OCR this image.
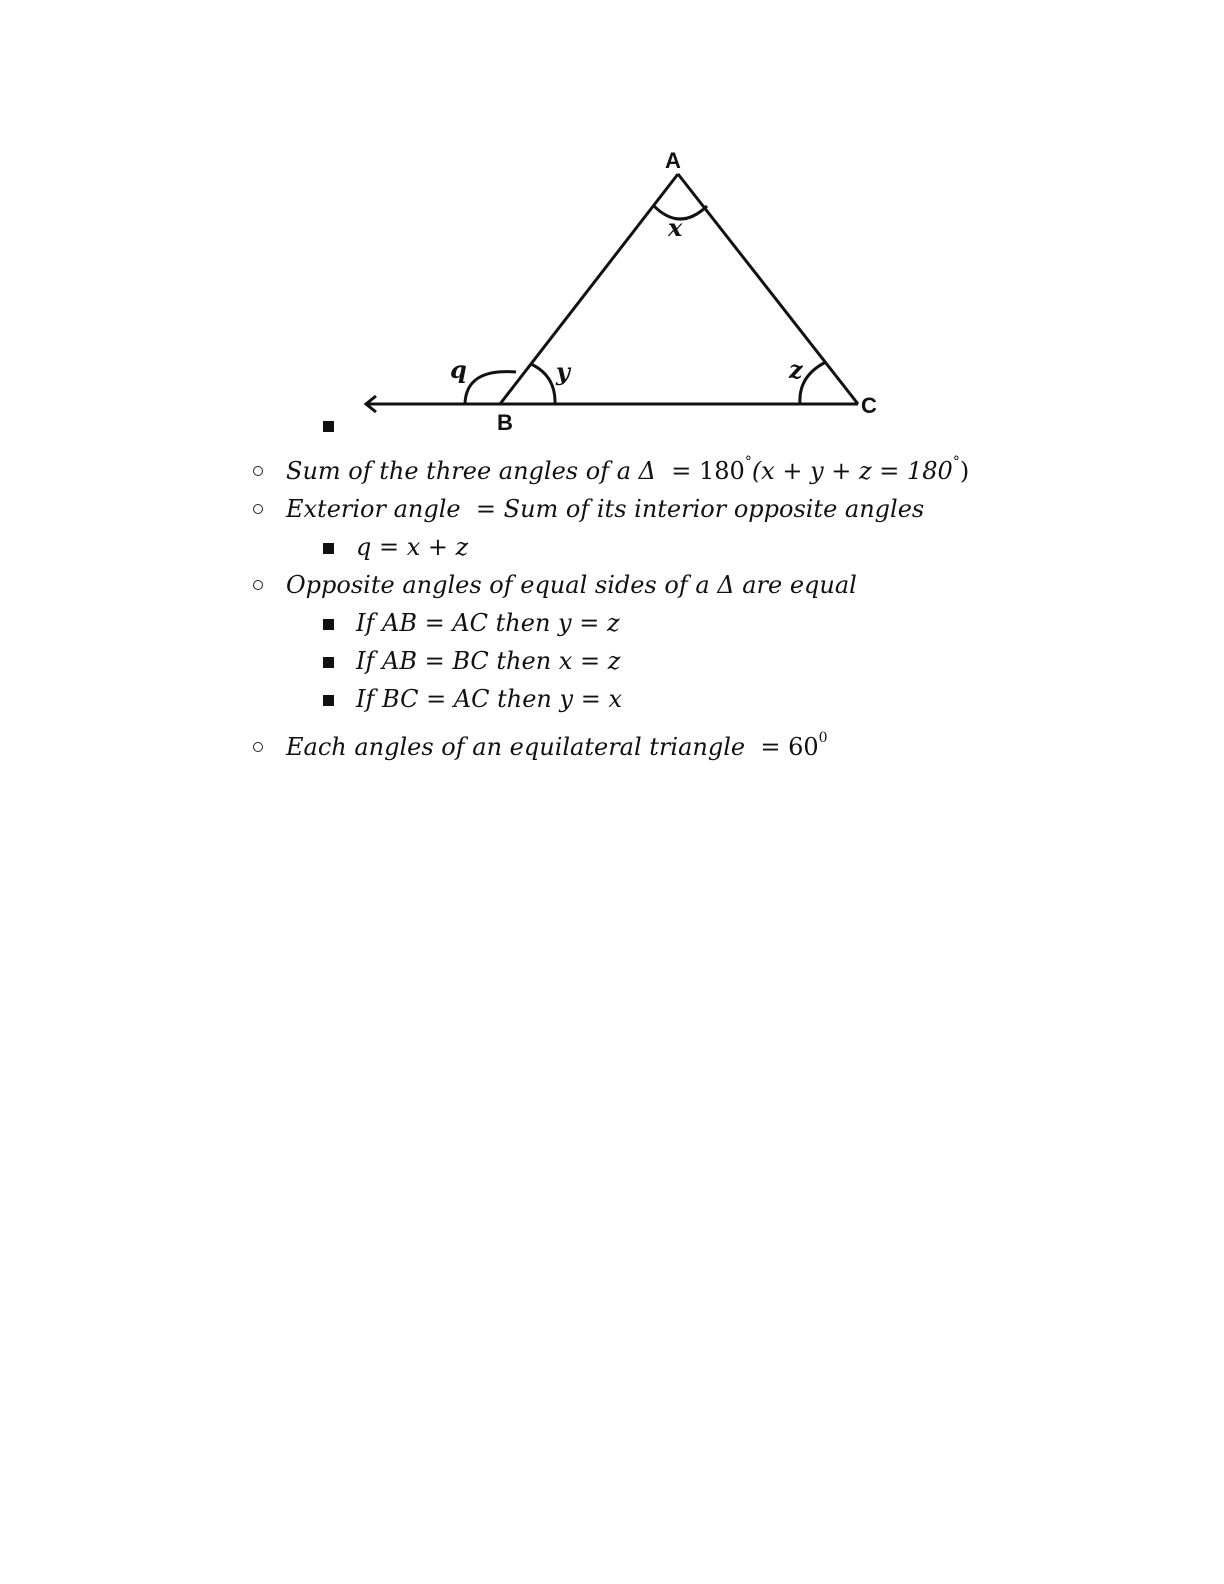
A
B
C
x
y	z
q
Sum of the three angles of a Δ = 180°(x + y + z = 180°)
Exterior angle = Sum of its interior opposite angles
q = x + z
Opposite angles of equal sides of a Δ are equal
If AB = AC then y = z
If AB = BC then x = z
If BC = AC then y = x
Each angles of an equilateral triangle = $60^0$
